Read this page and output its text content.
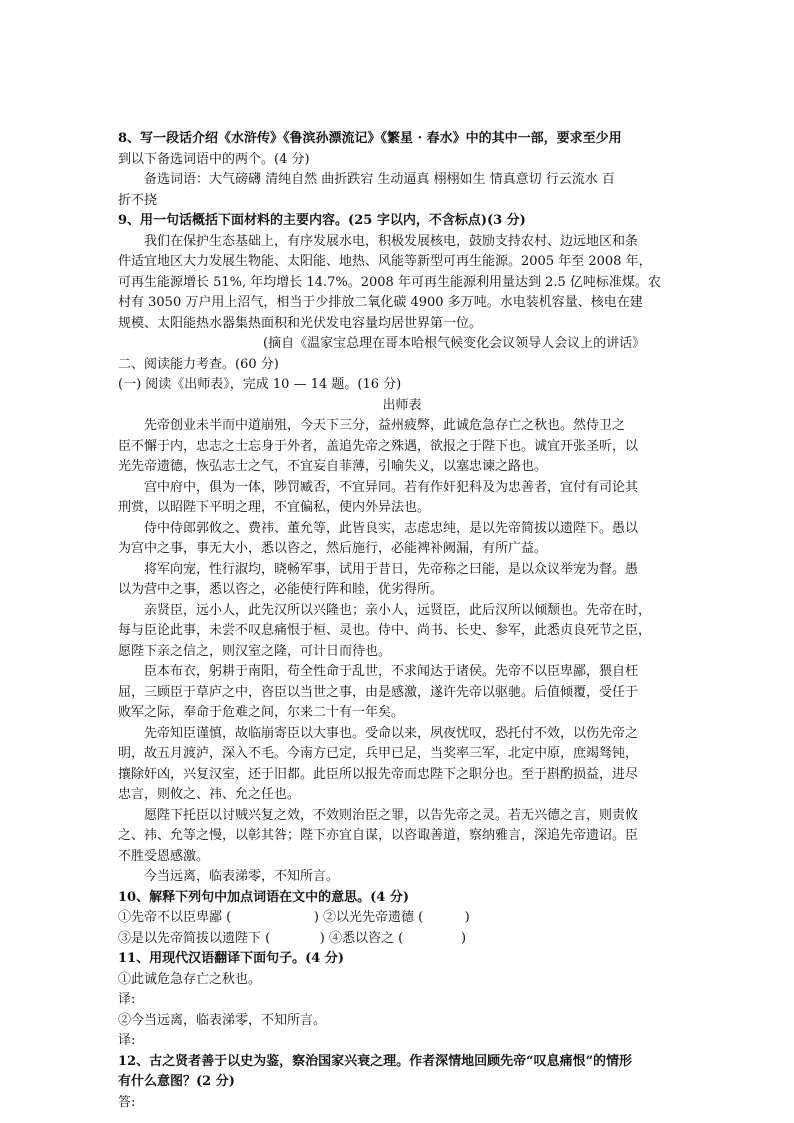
8、写一段话介绍《水浒传》《鲁滨孙漂流记》《繁星 · 春水》中的其中一部，要求至少用
到以下备选词语中的两个。(4 分)
备选词语：大气磅礴 清纯自然 曲折跌宕 生动逼真 栩栩如生 情真意切 行云流水 百
折不挠
9、用一句话概括下面材料的主要内容。(25 字以内，不含标点)(3 分)
我们在保护生态基础上，有序发展水电，积极发展核电，鼓励支持农村、边远地区和条
件适宜地区大力发展生物能、太阳能、地热、风能等新型可再生能源。2005 年至 2008 年，
可再生能源增长 51%, 年均增长 14.7%。2008 年可再生能源利用量达到 2.5 亿吨标准煤。农
村有 3050 万户用上沼气，相当于少排放二氧化碳 4900 多万吨。水电装机容量、核电在建
规模、太阳能热水器集热面积和光伏发电容量均居世界第一位。
(摘自《温家宝总理在哥本哈根气候变化会议领导人会议上的讲话》
二、阅读能力考查。(60 分)
(一) 阅读《出师表》，完成 10 — 14 题。(16 分)
出师表
先帝创业未半而中道崩殂，今天下三分，益州疲弊，此诚危急存亡之秋也。然侍卫之
臣不懈于内，忠志之士忘身于外者，盖追先帝之殊遇，欲报之于陛下也。诚宜开张圣听，以
光先帝遗德，恢弘志士之气，不宜妄自菲薄，引喻失义，以塞忠谏之路也。
宫中府中，俱为一体，陟罚臧否，不宜异同。若有作奸犯科及为忠善者，宜付有司论其
刑赏，以昭陛下平明之理，不宜偏私，使内外异法也。
侍中侍郎郭攸之、费祎、董允等，此皆良实，志虑忠纯，是以先帝简拔以遗陛下。愚以
为宫中之事，事无大小，悉以咨之，然后施行，必能裨补阙漏，有所广益。
将军向宠，性行淑均，晓畅军事，试用于昔日，先帝称之曰能，是以众议举宠为督。愚
以为营中之事，悉以咨之，必能使行阵和睦，优劣得所。
亲贤臣，远小人，此先汉所以兴隆也；亲小人，远贤臣，此后汉所以倾颓也。先帝在时，
每与臣论此事，未尝不叹息痛恨于桓、灵也。侍中、尚书、长史、参军，此悉贞良死节之臣，
愿陛下亲之信之，则汉室之隆，可计日而待也。
臣本布衣，躬耕于南阳，苟全性命于乱世，不求闻达于诸侯。先帝不以臣卑鄙，猥自枉
屈，三顾臣于草庐之中，咨臣以当世之事，由是感激，遂许先帝以驱驰。后值倾覆，受任于
败军之际，奉命于危难之间，尔来二十有一年矣。
先帝知臣谨慎，故临崩寄臣以大事也。受命以来，夙夜忧叹，恐托付不效，以伤先帝之
明，故五月渡泸，深入不毛。今南方已定，兵甲已足，当奖率三军，北定中原，庶竭驽钝，
攘除奸凶，兴复汉室，还于旧都。此臣所以报先帝而忠陛下之职分也。至于斟酌损益，进尽
忠言，则攸之、祎、允之任也。
愿陛下托臣以讨贼兴复之效，不效则治臣之罪，以告先帝之灵。若无兴德之言，则责攸
之、祎、允等之慢，以彰其咎；陛下亦宜自谋，以咨诹善道，察纳雅言，深追先帝遗诏。臣
不胜受恩感激。
今当远离，临表涕零，不知所言。
10、解释下列句中加点词语在文中的意思。(4 分)
①先帝不以臣卑鄙 (                    ) ②以光先帝遗德 (          )
③是以先帝简拔以遗陛下 (            ) ④悉以咨之 (              )
11、用现代汉语翻译下面句子。(4 分)
①此诚危急存亡之秋也。
译:
②今当远离，临表涕零，不知所言。
译:
12、古之贤者善于以史为鉴，察治国家兴衰之理。作者深情地回顾先帝“叹息痛恨”的情形
有什么意图？(2 分)
答:
